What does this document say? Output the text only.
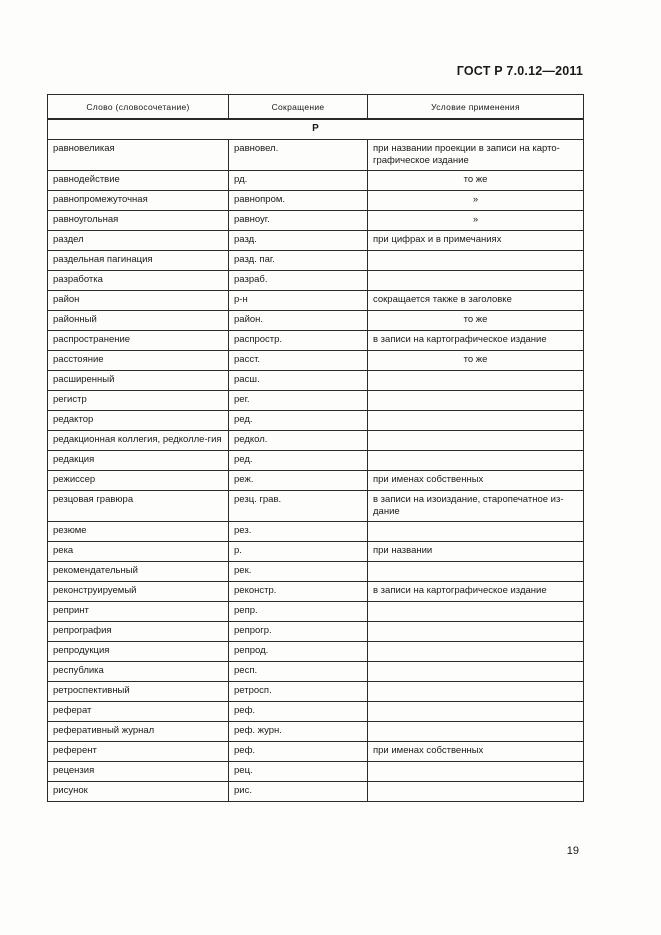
ГОСТ Р 7.0.12—2011
Слово (словосочетание)	Сокращение	Условие применения
Р		
равновеликая	равновел.	при названии проекции в записи на карто-графическое издание
равнодействие	рд.	то же
равнопромежуточная	равнопром.	»
равноугольная	равноуг.	»
раздел	разд.	при цифрах и в примечаниях
раздельная пагинация	разд. паг.	
разработка	разраб.	
район	р-н	сокращается также в заголовке
районный	район.	то же
распространение	распростр.	в записи на картографическое издание
расстояние	расст.	то же
расширенный	расш.	
регистр	рег.	
редактор	ред.	
редакционная коллегия, редколле-гия	редкол.	
редакция	ред.	
режиссер	реж.	при именах собственных
резцовая гравюра	резц. грав.	в записи на изоиздание, старопечатное из-дание
резюме	рез.	
река	р.	при названии
рекомендательный	рек.	
реконструируемый	реконстр.	в записи на картографическое издание
репринт	репр.	
репрография	репрогр.	
репродукция	репрод.	
республика	респ.	
ретроспективный	ретросп.	
реферат	реф.	
реферативный журнал	реф. журн.	
референт	реф.	при именах собственных
рецензия	рец.	
рисунок	рис.	
19
